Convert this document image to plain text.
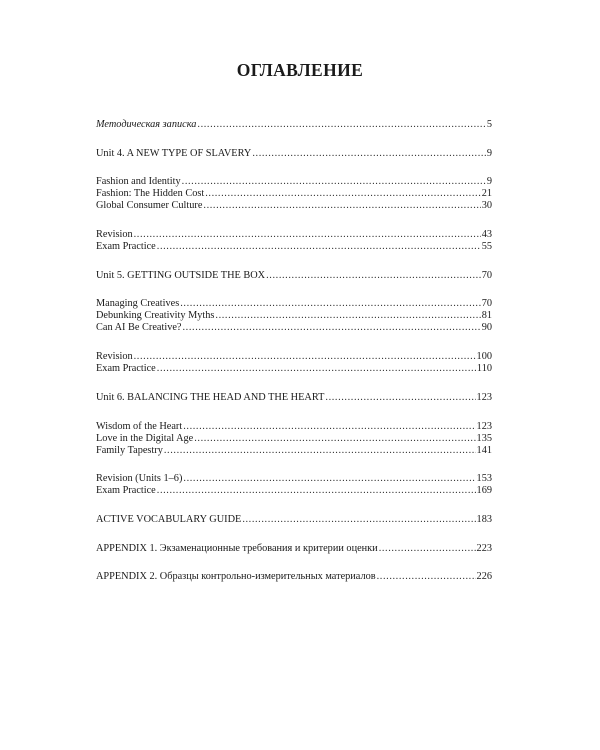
ОГЛАВЛЕНИЕ
Методическая записка .....	5
Unit 4. A NEW TYPE OF SLAVERY .....	9
Fashion and Identity .....	9
Fashion: The Hidden Cost .....	21
Global Consumer Culture .....	30
Revision .....	43
Exam Practice .....	55
Unit 5. GETTING OUTSIDE THE BOX .....	70
Managing Creatives .....	70
Debunking Creativity Myths .....	81
Can AI Be Creative? .....	90
Revision .....	100
Exam Practice .....	110
Unit 6. BALANCING THE HEAD AND THE HEART .....	123
Wisdom of the Heart .....	123
Love in the Digital Age .....	135
Family Tapestry .....	141
Revision (Units 1–6) .....	153
Exam Practice .....	169
ACTIVE VOCABULARY GUIDE .....	183
APPENDIX 1. Экзаменационные требования и критерии оценки .....	223
APPENDIX 2. Образцы контрольно-измерительных материалов .....	226
